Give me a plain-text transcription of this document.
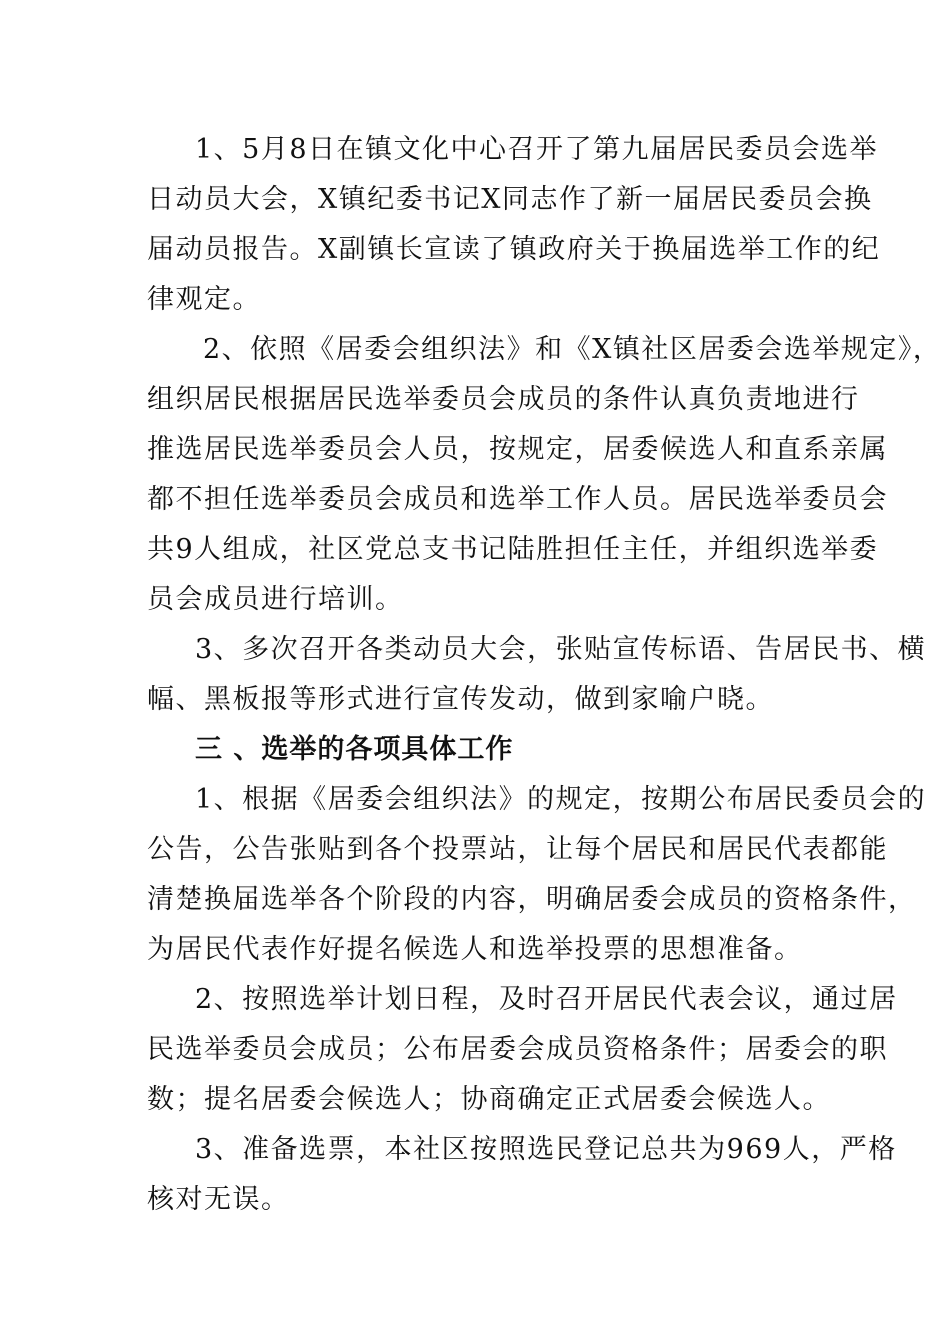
1、5月8日在镇文化中心召开了第九届居民委员会选举
日动员大会，X镇纪委书记X同志作了新一届居民委员会换
届动员报告。X副镇长宣读了镇政府关于换届选举工作的纪
律观定。
2、依照《居委会组织法》和《X镇社区居委会选举规定》，
组织居民根据居民选举委员会成员的条件认真负责地进行
推选居民选举委员会人员，按规定，居委候选人和直系亲属
都不担任选举委员会成员和选举工作人员。居民选举委员会
共9人组成，社区党总支书记陆胜担任主任，并组织选举委
员会成员进行培训。
3、多次召开各类动员大会，张贴宣传标语、告居民书、横
幅、黑板报等形式进行宣传发动，做到家喻户晓。
三 、选举的各项具体工作
1、根据《居委会组织法》的规定，按期公布居民委员会的
公告，公告张贴到各个投票站，让每个居民和居民代表都能
清楚换届选举各个阶段的内容，明确居委会成员的资格条件，
为居民代表作好提名候选人和选举投票的思想准备。
2、按照选举计划日程，及时召开居民代表会议，通过居
民选举委员会成员；公布居委会成员资格条件；居委会的职
数；提名居委会候选人；协商确定正式居委会候选人。
3、准备选票，本社区按照选民登记总共为969人，严格
核对无误。
